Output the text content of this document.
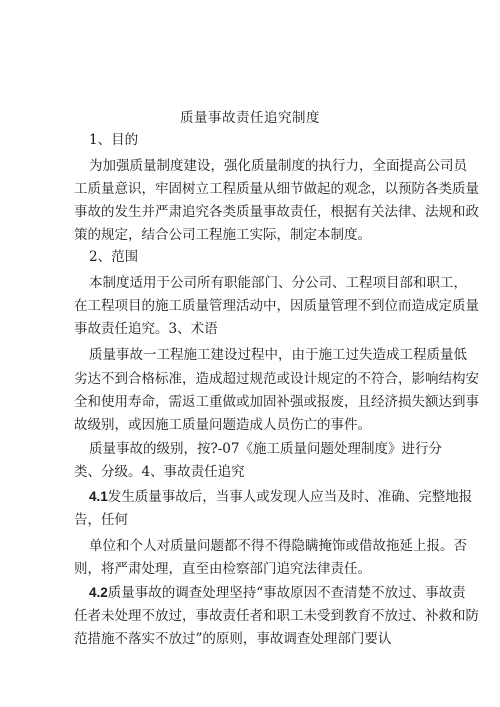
质量事故责任追究制度

1、目的

为加强质量制度建设，强化质量制度的执行力，全面提高公司员

工质量意识，牢固树立工程质量从细节做起的观念，以预防各类质量

事故的发生并严肃追究各类质量事故责任，根据有关法律、法规和政

策的规定，结合公司工程施工实际，制定本制度。

2、范围

本制度适用于公司所有职能部门、分公司、工程项目部和职工，

在工程项目的施工质量管理活动中，因质量管理不到位而造成定质量

事故责任追究。3、术语

质量事故一工程施工建设过程中，由于施工过失造成工程质量低

劣达不到合格标准，造成超过规范或设计规定的不符合，影响结构安

全和使用寿命，需返工重做或加固补强或报废，且经济损失额达到事

故级别，或因施工质量问题造成人员伤亡的事件。

质量事故的级别，按?-07《施工质量问题处理制度》进行分

类、分级。4、事故责任追究

4.1发生质量事故后，当事人或发现人应当及时、准确、完整地报

告，任何

单位和个人对质量问题都不得不得隐瞒掩饰或借故拖延上报。否

则，将严肃处理，直至由检察部门追究法律责任。

4.2质量事故的调查处理坚持“事故原因不查清楚不放过、事故责

任者未处理不放过，事故责任者和职工未受到教育不放过、补救和防

范措施不落实不放过”的原则，事故调查处理部门要认
